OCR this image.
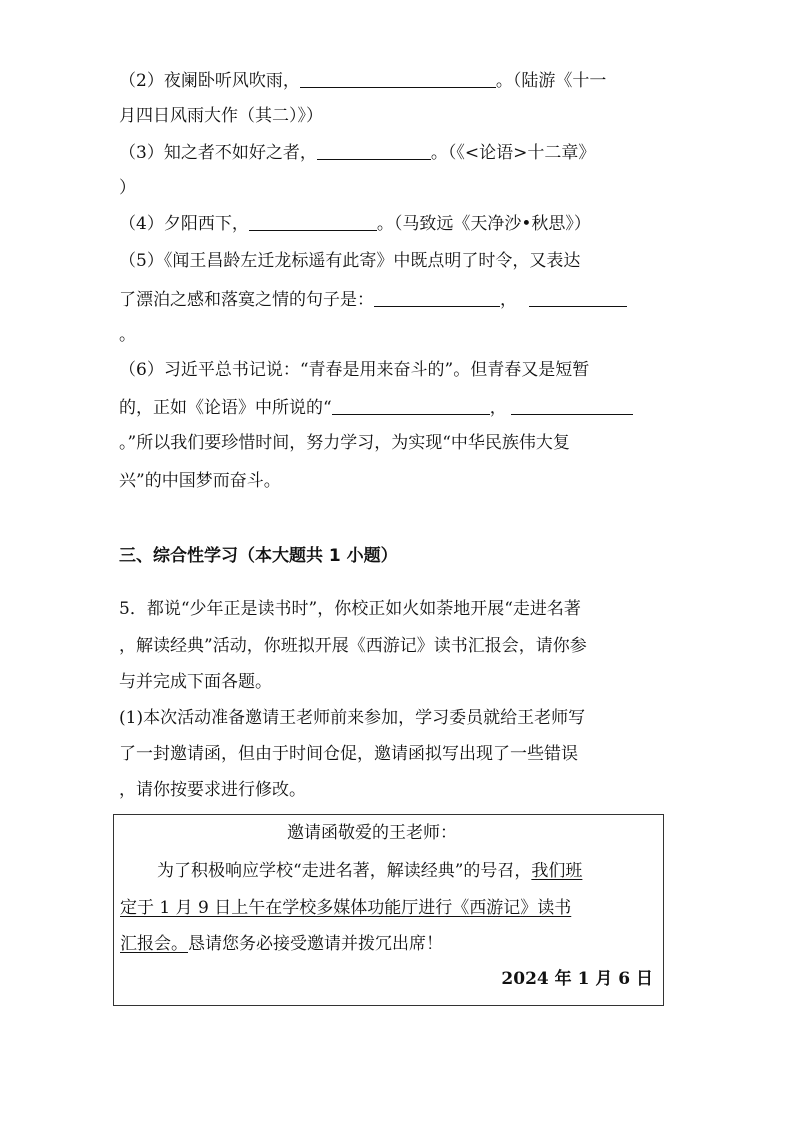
（2）夜阑卧听风吹雨，	。（陆游《十一
月四日风雨大作（其二）》）
（3）知之者不如好之者，	。（《<论语>十二章》
）
（4）夕阳西下，	。（马致远《天净沙•秋思》）
（5）《闻王昌龄左迁龙标遥有此寄》中既点明了时令，又表达
了漂泊之感和落寞之情的句子是：	，
。
（6）习近平总书记说：“青春是用来奋斗的”。但青春又是短暂
的，正如《论语》中所说的“	，
。”所以我们要珍惜时间，努力学习，为实现“中华民族伟大复
兴”的中国梦而奋斗。
三、综合性学习（本大题共 1 小题）
5．都说“少年正是读书时”，你校正如火如荼地开展“走进名著
，解读经典”活动，你班拟开展《西游记》读书汇报会，请你参
与并完成下面各题。
(1)本次活动准备邀请王老师前来参加，学习委员就给王老师写
了一封邀请函，但由于时间仓促，邀请函拟写出现了一些错误
，请你按要求进行修改。
邀请函敬爱的王老师：
为了积极响应学校“走进名著，解读经典”的号召，我们班
定于 1 月 9 日上午在学校多媒体功能厅进行《西游记》读书
汇报会。恳请您务必接受邀请并拨冗出席！
2024 年 1 月 6 日
